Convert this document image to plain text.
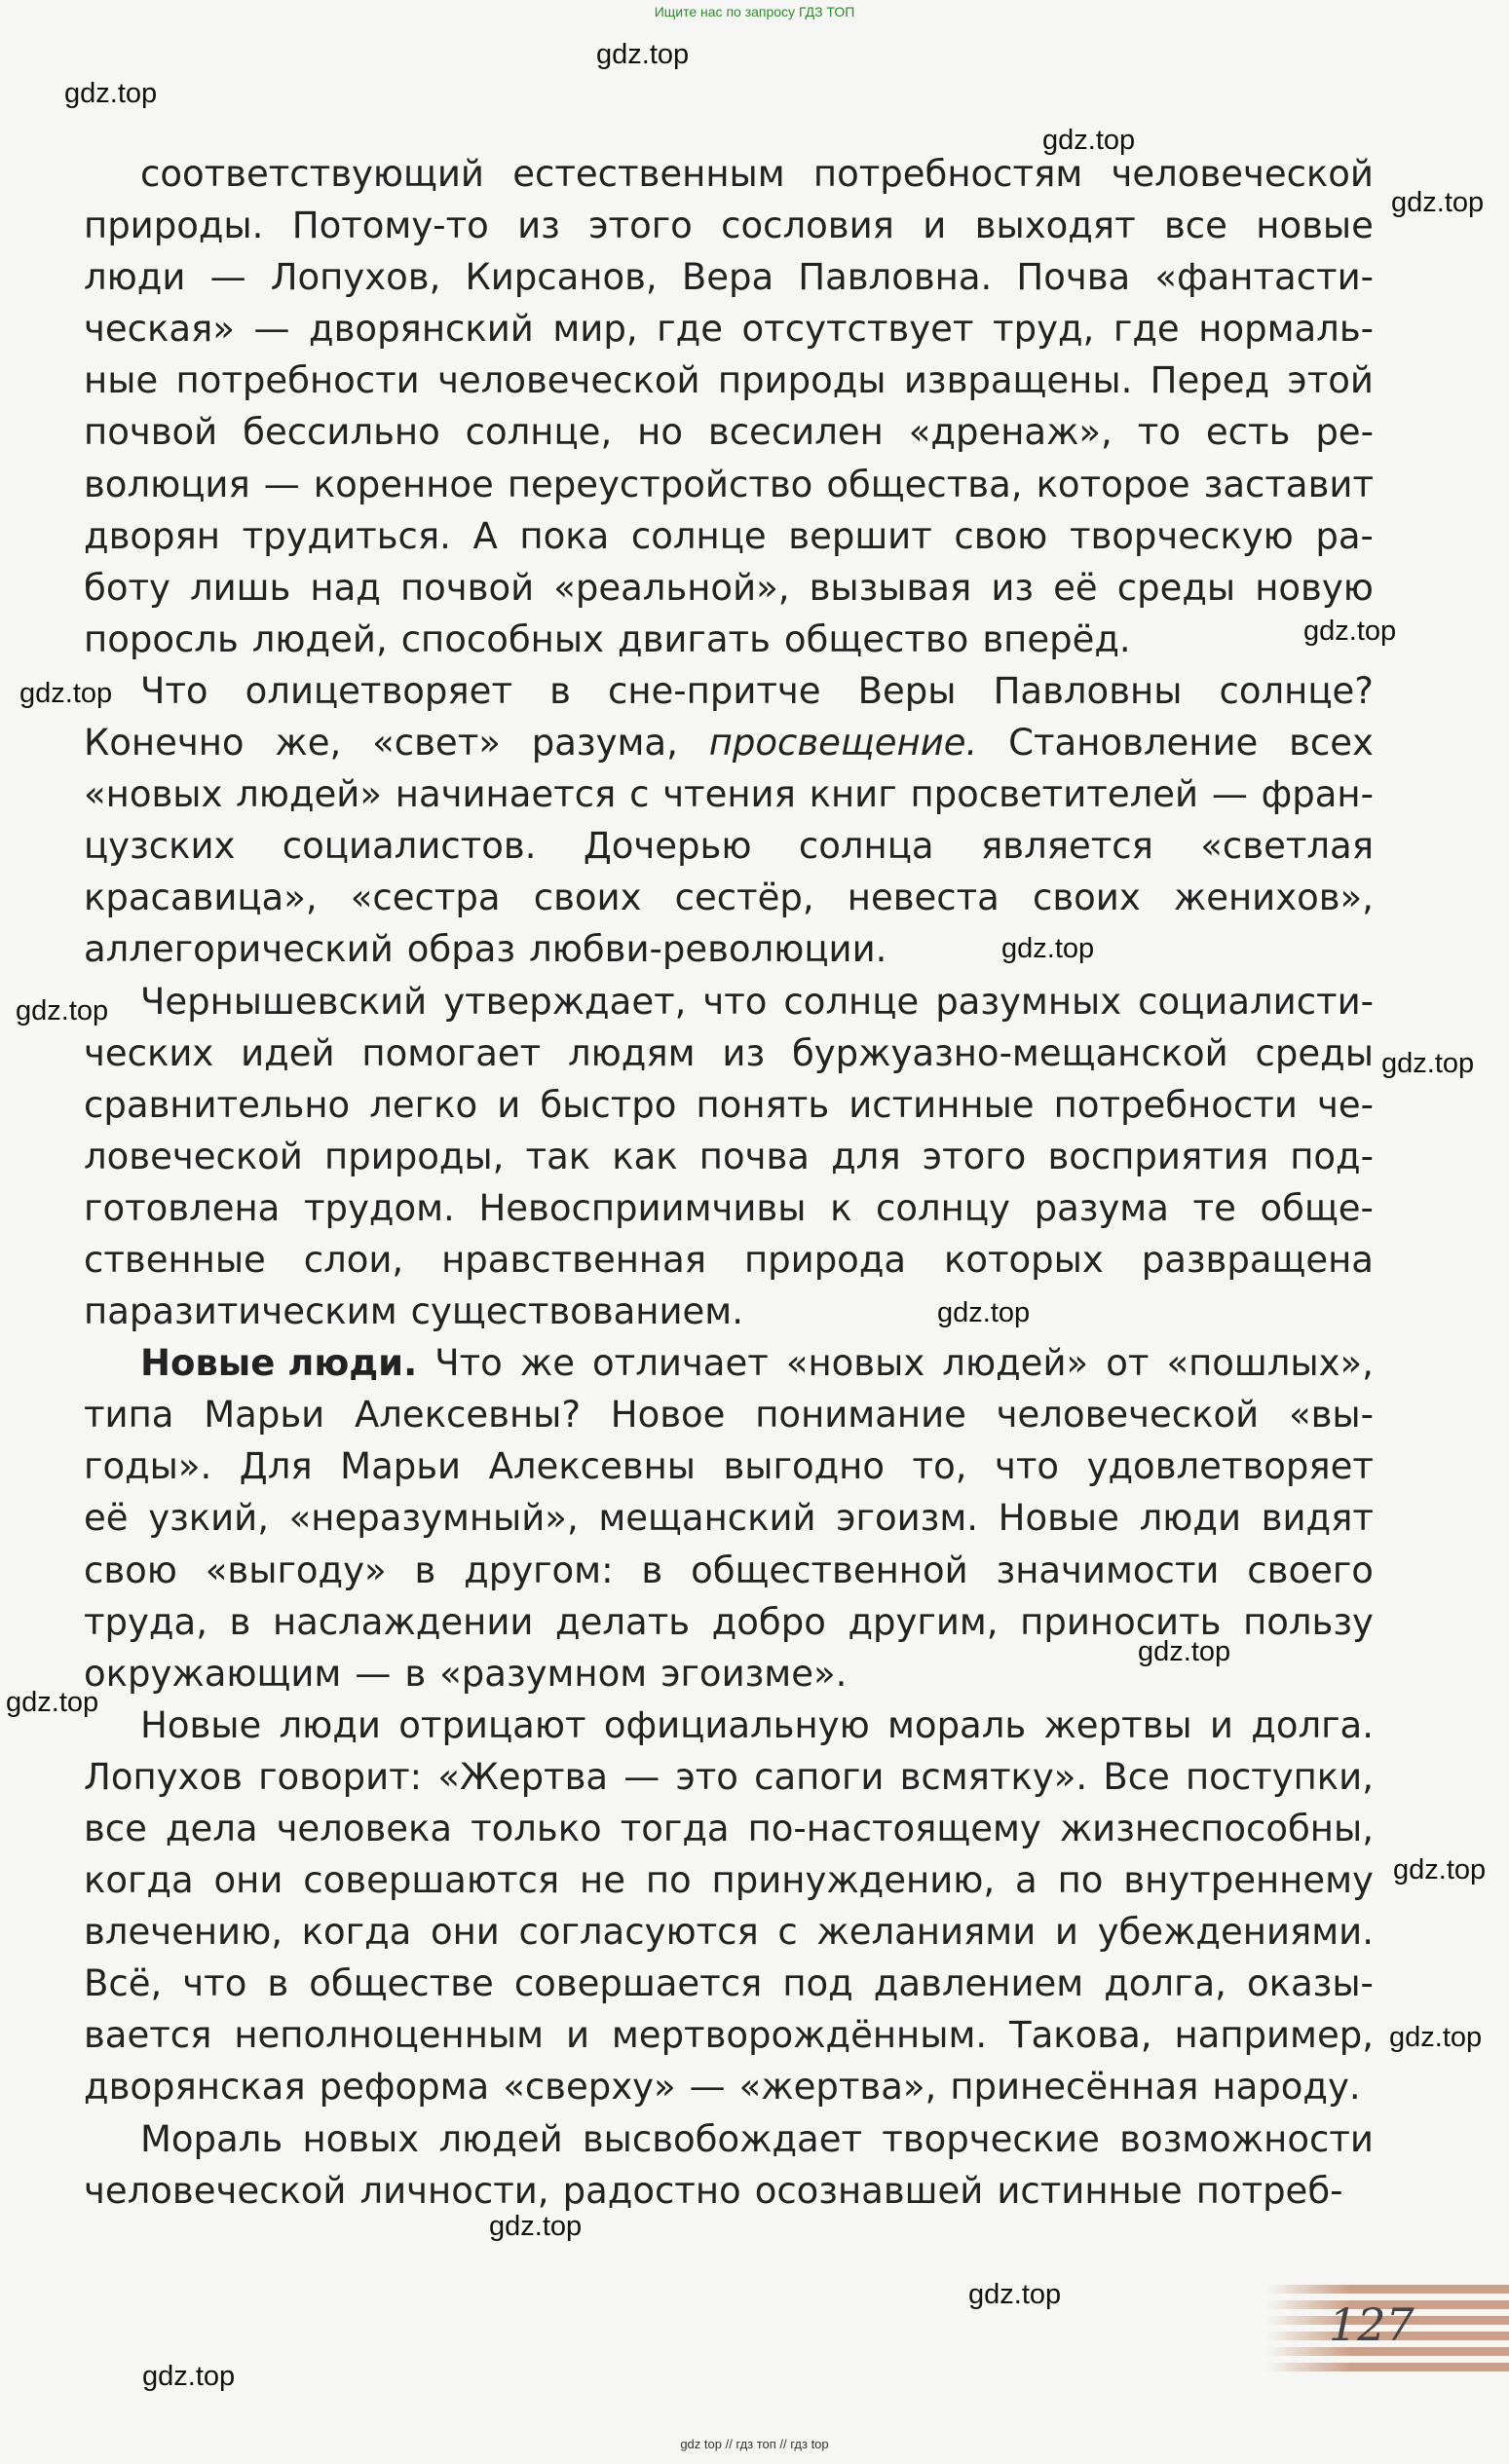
Ищите нас по запросу ГДЗ ТОП
соответствующий естественным потребностям человеческой
природы. Потому-то из этого сословия и выходят все новые
люди — Лопухов, Кирсанов, Вера Павловна. Почва «фантасти-
ческая» — дворянский мир, где отсутствует труд, где нормаль-
ные потребности человеческой природы извращены. Перед этой
почвой бессильно солнце, но всесилен «дренаж», то есть ре-
волюция — коренное переустройство общества, которое заставит
дворян трудиться. А пока солнце вершит свою творческую ра-
боту лишь над почвой «реальной», вызывая из её среды новую
поросль людей, способных двигать общество вперёд.
Что олицетворяет в сне-притче Веры Павловны солнце?
Конечно же, «свет» разума, просвещение. Становление всех
«новых людей» начинается с чтения книг просветителей — фран-
цузских социалистов. Дочерью солнца является «светлая
красавица», «сестра своих сестёр, невеста своих женихов»,
аллегорический образ любви-революции.
Чернышевский утверждает, что солнце разумных социалисти-
ческих идей помогает людям из буржуазно-мещанской среды
сравнительно легко и быстро понять истинные потребности че-
ловеческой природы, так как почва для этого восприятия под-
готовлена трудом. Невосприимчивы к солнцу разума те обще-
ственные слои, нравственная природа которых развращена
паразитическим существованием.
Новые люди. Что же отличает «новых людей» от «пошлых»,
типа Марьи Алексевны? Новое понимание человеческой «вы-
годы». Для Марьи Алексевны выгодно то, что удовлетворяет
её узкий, «неразумный», мещанский эгоизм. Новые люди видят
свою «выгоду» в другом: в общественной значимости своего
труда, в наслаждении делать добро другим, приносить пользу
окружающим — в «разумном эгоизме».
Новые люди отрицают официальную мораль жертвы и долга.
Лопухов говорит: «Жертва — это сапоги всмятку». Все поступки,
все дела человека только тогда по-настоящему жизнеспособны,
когда они совершаются не по принуждению, а по внутреннему
влечению, когда они согласуются с желаниями и убеждениями.
Всё, что в обществе совершается под давлением долга, оказы-
вается неполноценным и мертворождённым. Такова, например,
дворянская реформа «сверху» — «жертва», принесённая народу.
Мораль новых людей высвобождает творческие возможности
человеческой личности, радостно осознавшей истинные потреб-
gdz.top
gdz.top
gdz.top
gdz.top
gdz.top
gdz.top
gdz.top
gdz.top
gdz.top
gdz.top
gdz.top
gdz.top
gdz.top
gdz.top
gdz.top
gdz.top
gdz.top
127
gdz top // гдз топ // гдз top
